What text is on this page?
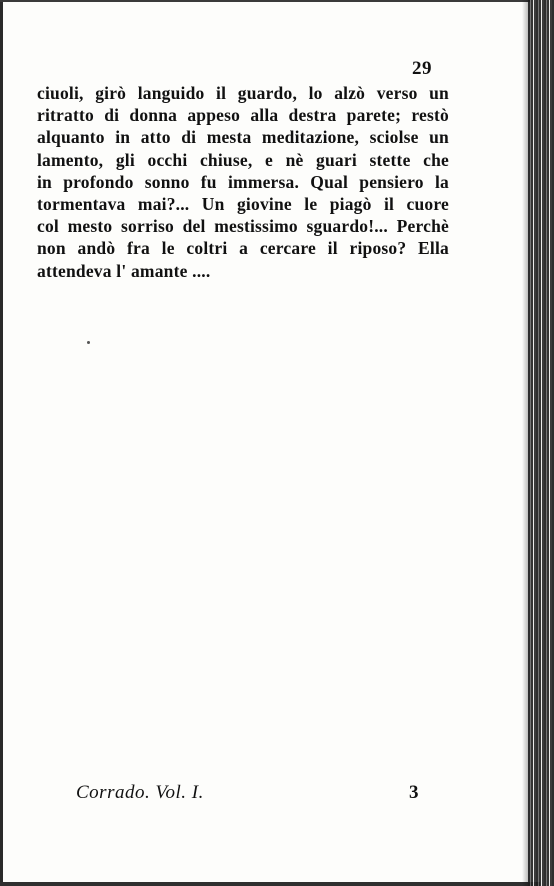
29
ciuoli, girò languido il guardo, lo alzò verso un
ritratto di donna appeso alla destra parete; restò
alquanto in atto di mesta meditazione, sciolse un
lamento, gli occhi chiuse, e nè guari stette che
in profondo sonno fu immersa. Qual pensiero la
tormentava mai?... Un giovine le piagò il cuore
col mesto sorriso del mestissimo sguardo!... Perchè
non andò fra le coltri a cercare il riposo? Ella
attendeva l' amante ....
Corrado. Vol. I.	3
